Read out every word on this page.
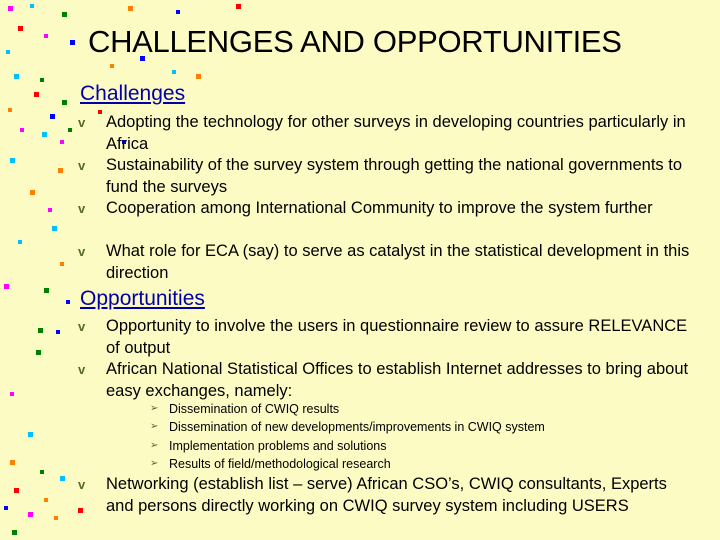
CHALLENGES AND OPPORTUNITIES
Challenges
v Adopting the technology for other surveys in developing countries particularly in Africa
v Sustainability of the survey system through getting the national governments to fund the surveys
v Cooperation among International Community to improve the system further
v What role for ECA (say) to serve as catalyst in the statistical development in this direction
Opportunities
v Opportunity to involve the users in questionnaire review to assure RELEVANCE of output
v African National Statistical Offices to establish Internet addresses to bring about easy exchanges, namely:
➢ Dissemination of CWIQ results
➢ Dissemination of new developments/improvements in CWIQ system
➢ Implementation problems and solutions
➢ Results of field/methodological research
v Networking (establish list – serve) African CSO’s, CWIQ consultants, Experts and persons directly working on CWIQ survey system including USERS
